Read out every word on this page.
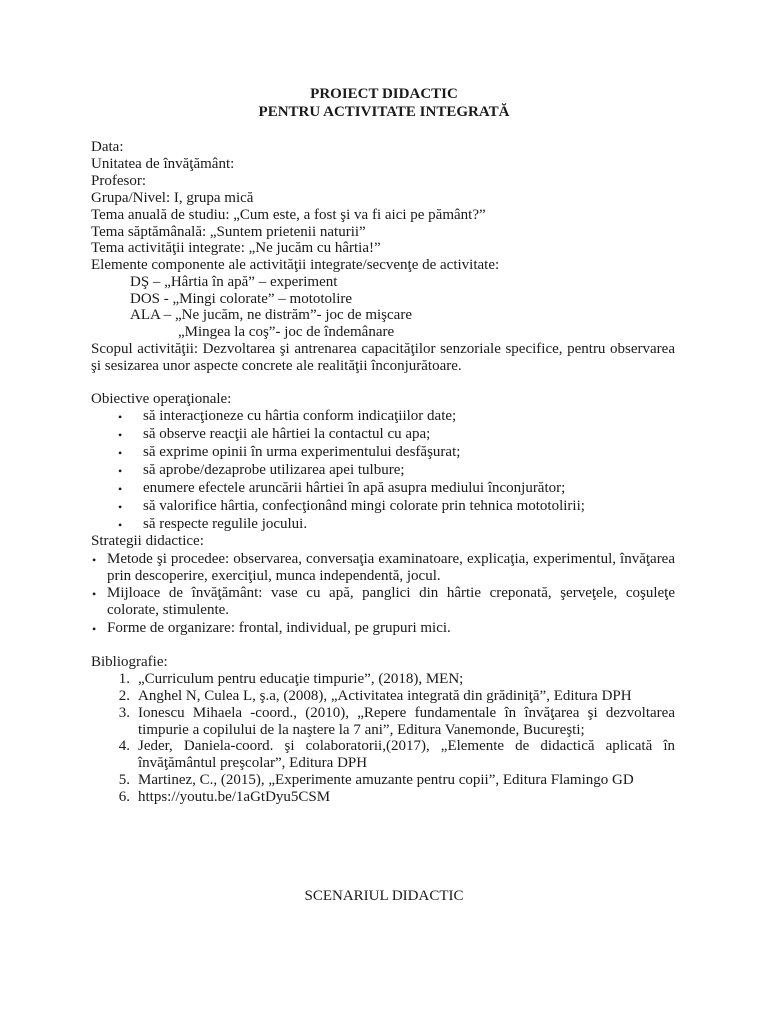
PROIECT DIDACTIC
PENTRU ACTIVITATE INTEGRATĂ
Data:
Unitatea de învăţământ:
Profesor:
Grupa/Nivel: I, grupa mică
Tema anuală de studiu: „Cum este, a fost şi va fi aici pe pământ?”
Tema săptămânală: „Suntem prietenii naturii”
Tema activităţii integrate: „Ne jucăm cu hârtia!”
Elemente componente ale activităţii integrate/secvenţe de activitate:
DŞ – „Hârtia în apă” – experiment
DOS - „Mingi colorate” – mototolire
ALA – „Ne jucăm, ne distrăm”- joc de mişcare
„Mingea la coş”- joc de îndemânare
Scopul activităţii: Dezvoltarea şi antrenarea capacităţilor senzoriale specifice, pentru observarea şi sesizarea unor aspecte concrete ale realităţii înconjurătoare.
Obiective operaţionale:
• să interacţioneze cu hârtia conform indicaţiilor date;
• să observe reacţii ale hârtiei la contactul cu apa;
• să exprime opinii în urma experimentului desfăşurat;
• să aprobe/dezaprobe utilizarea apei tulbure;
• enumere efectele aruncării hârtiei în apă asupra mediului înconjurător;
• să valorifice hârtia, confecţionând mingi colorate prin tehnica mototolirii;
• să respecte regulile jocului.
Strategii didactice:
• Metode şi procedee: observarea, conversaţia examinatoare, explicaţia, experimentul, învăţarea prin descoperire, exerciţiul, munca independentă, jocul.
• Mijloace de învăţământ: vase cu apă, panglici din hârtie creponată, şerveţele, coşuleţe colorate, stimulente.
• Forme de organizare: frontal, individual, pe grupuri mici.
Bibliografie:
1. „Curriculum pentru educaţie timpurie”, (2018), MEN;
2. Anghel N, Culea L, ş.a, (2008), „Activitatea integrată din grădiniţă”, Editura DPH
3. Ionescu Mihaela -coord., (2010), „Repere fundamentale în învăţarea şi dezvoltarea timpurie a copilului de la naştere la 7 ani”, Editura Vanemonde, Bucureşti;
4. Jeder, Daniela-coord. şi colaboratorii,(2017), „Elemente de didactică aplicată în învăţământul preşcolar”, Editura DPH
5. Martinez, C., (2015), „Experimente amuzante pentru copii”, Editura Flamingo GD
6. https://youtu.be/1aGtDyu5CSM
SCENARIUL DIDACTIC
